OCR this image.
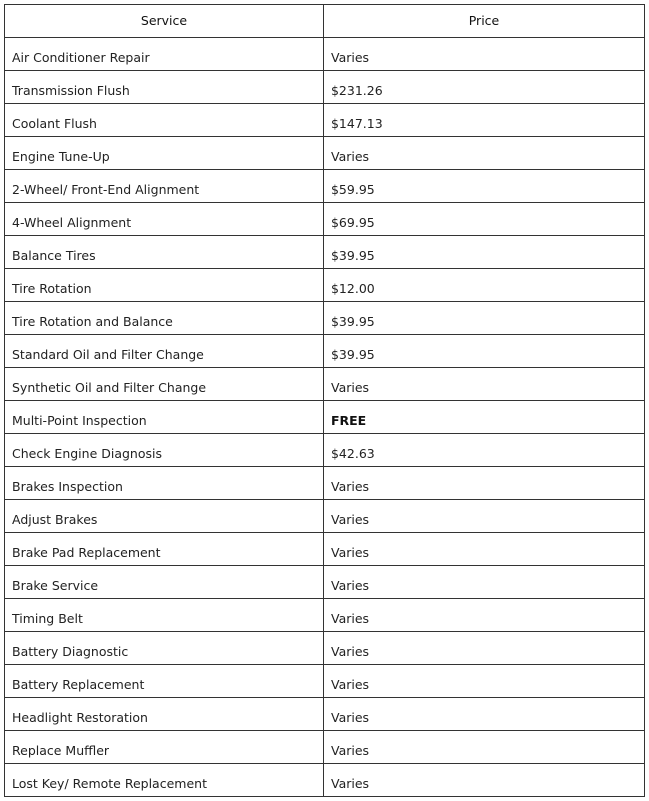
Service	Price
Air Conditioner Repair	Varies
Transmission Flush	$231.26
Coolant Flush	$147.13
Engine Tune-Up	Varies
2-Wheel/ Front-End Alignment	$59.95
4-Wheel Alignment	$69.95
Balance Tires	$39.95
Tire Rotation	$12.00
Tire Rotation and Balance	$39.95
Standard Oil and Filter Change	$39.95
Synthetic Oil and Filter Change	Varies
Multi-Point Inspection	FREE
Check Engine Diagnosis	$42.63
Brakes Inspection	Varies
Adjust Brakes	Varies
Brake Pad Replacement	Varies
Brake Service	Varies
Timing Belt	Varies
Battery Diagnostic	Varies
Battery Replacement	Varies
Headlight Restoration	Varies
Replace Muffler	Varies
Lost Key/ Remote Replacement	Varies
